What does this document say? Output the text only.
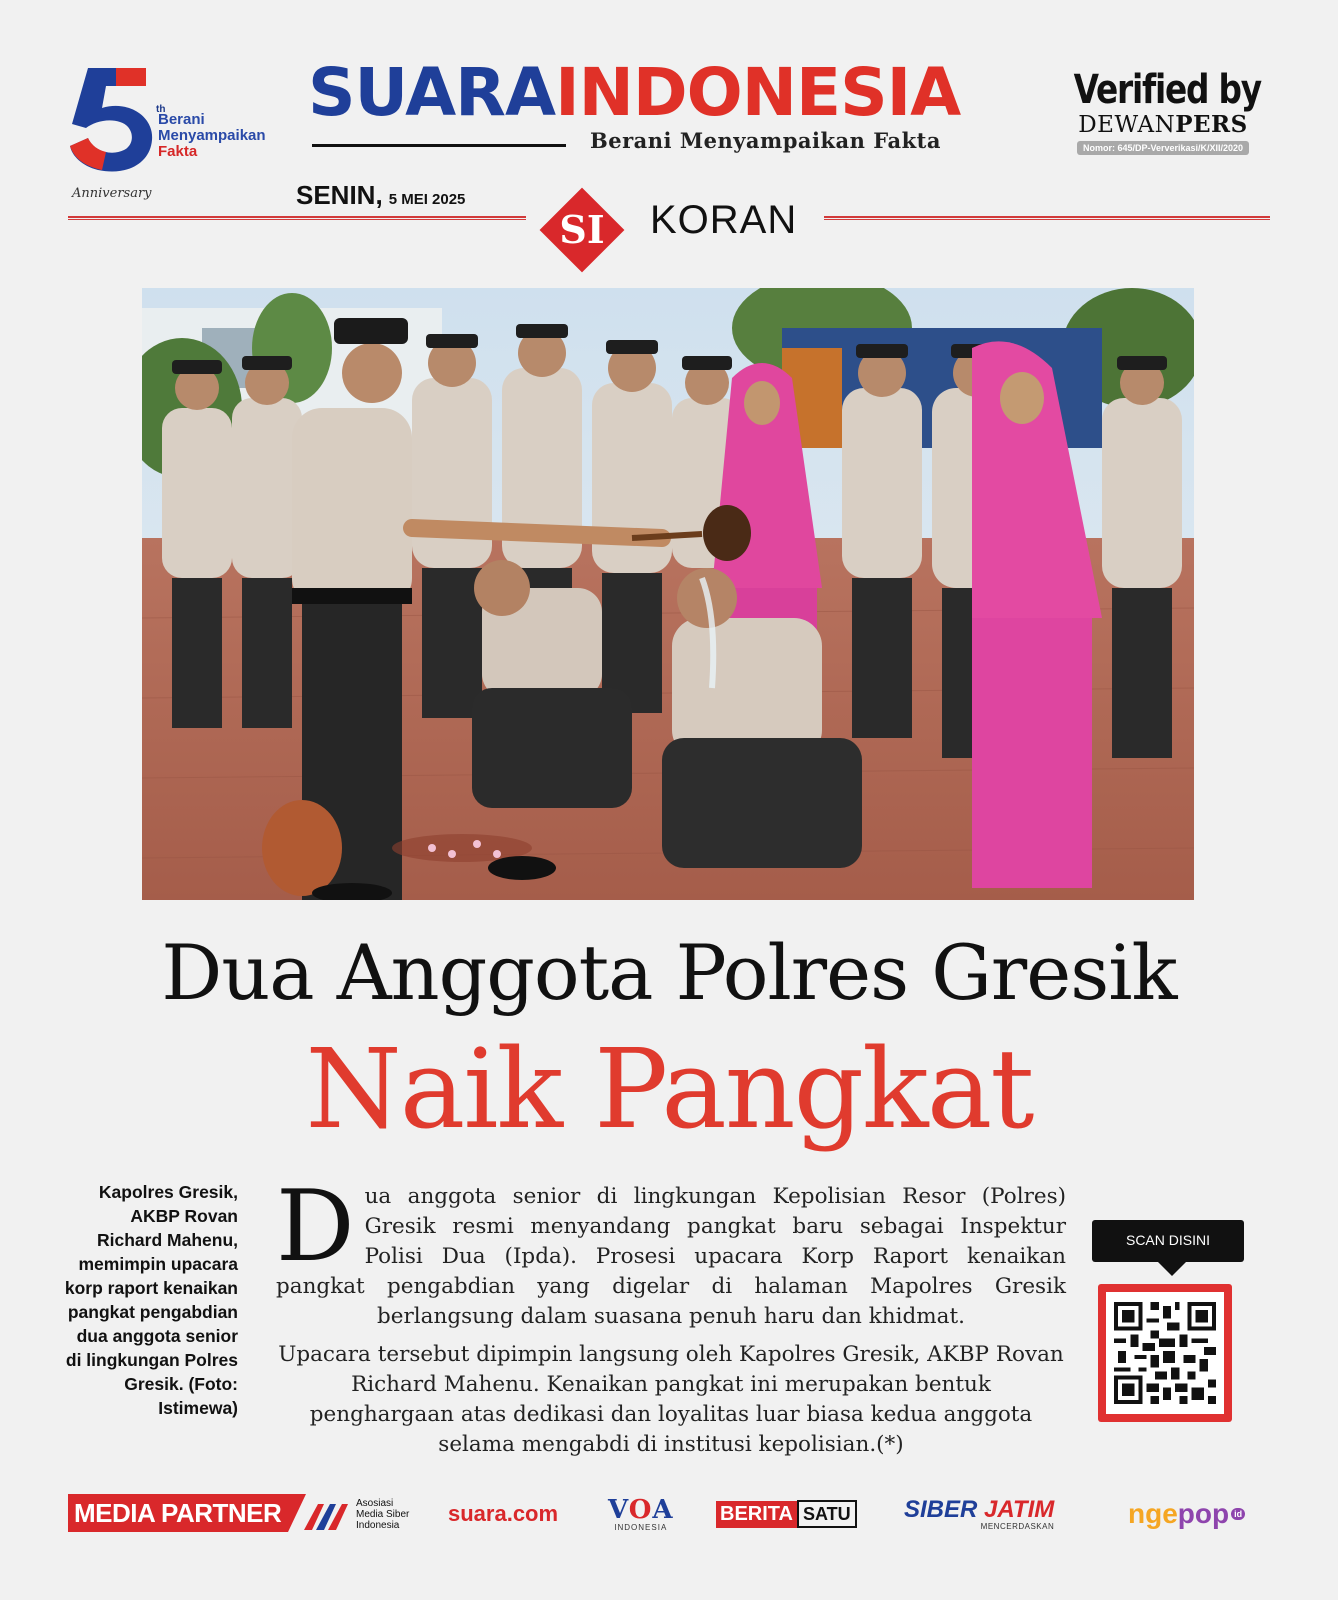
th
Berani
Menyampaikan
Fakta
Anniversary
SUARAINDONESIA
Berani Menyampaikan Fakta
Verified by
DEWANPERS
Nomor: 645/DP-Ververikasi/K/XII/2020
SENIN, 5 MEI 2025
SI	KORAN
Dua Anggota Polres Gresik
Naik Pangkat
Kapolres Gresik, AKBP Rovan Richard Mahenu, memimpin upacara korp raport kenaikan pangkat pengabdian dua anggota senior di lingkungan Polres Gresik. (Foto: Istimewa)

Dua anggota senior di lingkungan Kepolisian Resor (Polres) Gresik resmi menyandang pangkat baru sebagai Inspektur Polisi Dua (Ipda). Prosesi upacara Korp Raport kenaikan pangkat pengabdian yang digelar di halaman Mapolres Gresik berlangsung dalam suasana penuh haru dan khidmat.

Upacara tersebut dipimpin langsung oleh Kapolres Gresik, AKBP Rovan Richard Mahenu. Kenaikan pangkat ini merupakan bentuk penghargaan atas dedikasi dan loyalitas luar biasa kedua anggota selama mengabdi di institusi kepolisian.(*)

SCAN DISINI
MEDIA PARTNER	Asosiasi
Media Siber
Indonesia	suara.com VOA
INDONESIA
BERITA SATU SIBER JATIM
MENCERDASKAN	nge pop id
